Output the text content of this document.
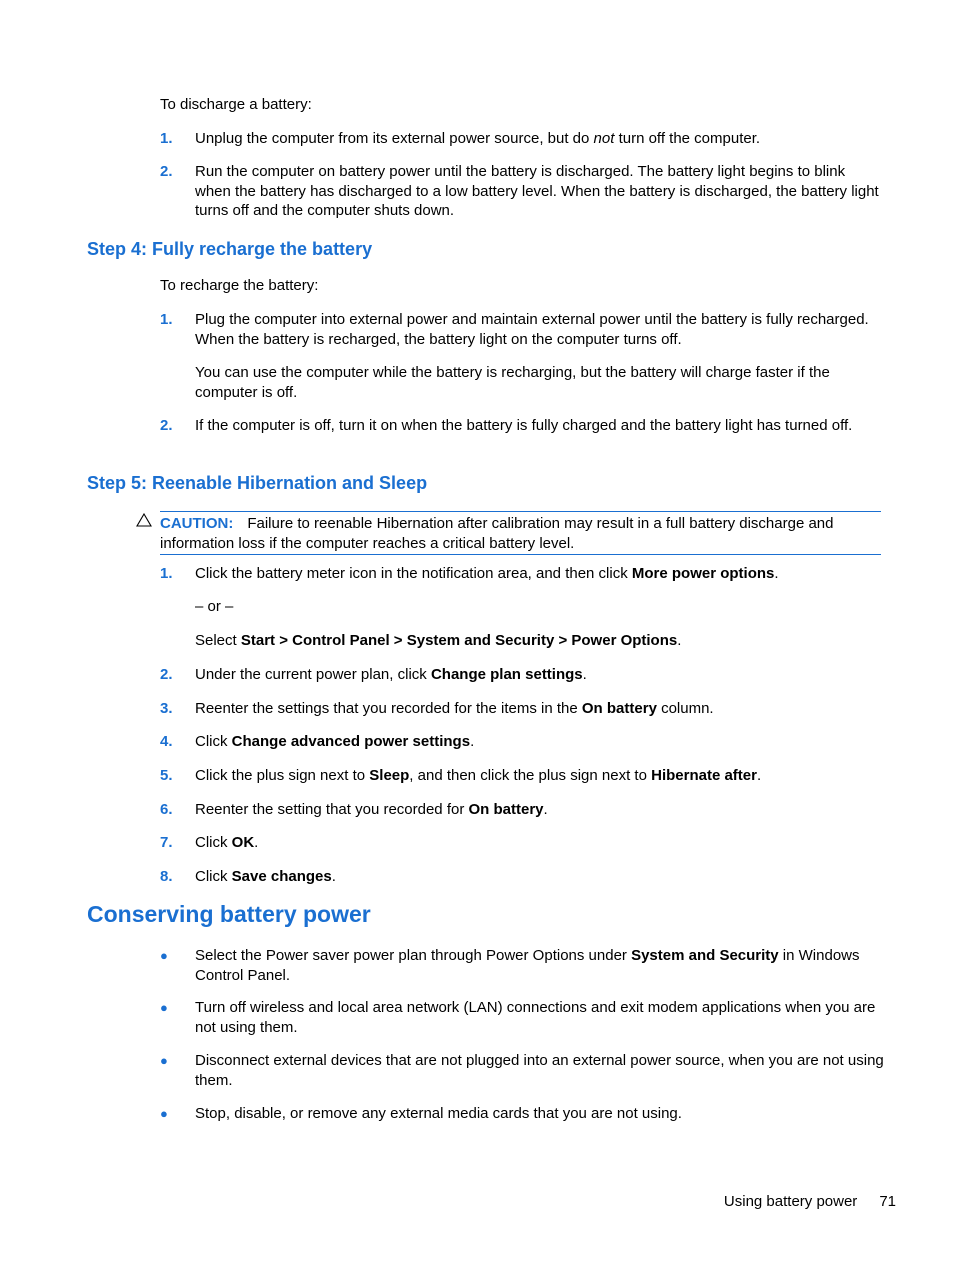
To discharge a battery:
1. Unplug the computer from its external power source, but do not turn off the computer.
2. Run the computer on battery power until the battery is discharged. The battery light begins to blink when the battery has discharged to a low battery level. When the battery is discharged, the battery light turns off and the computer shuts down.
Step 4: Fully recharge the battery
To recharge the battery:
1. Plug the computer into external power and maintain external power until the battery is fully recharged. When the battery is recharged, the battery light on the computer turns off.
You can use the computer while the battery is recharging, but the battery will charge faster if the computer is off.
2. If the computer is off, turn it on when the battery is fully charged and the battery light has turned off.
Step 5: Reenable Hibernation and Sleep
CAUTION: Failure to reenable Hibernation after calibration may result in a full battery discharge and information loss if the computer reaches a critical battery level.
1. Click the battery meter icon in the notification area, and then click More power options.
– or –
Select Start > Control Panel > System and Security > Power Options.
2. Under the current power plan, click Change plan settings.
3. Reenter the settings that you recorded for the items in the On battery column.
4. Click Change advanced power settings.
5. Click the plus sign next to Sleep, and then click the plus sign next to Hibernate after.
6. Reenter the setting that you recorded for On battery.
7. Click OK.
8. Click Save changes.
Conserving battery power
● Select the Power saver power plan through Power Options under System and Security in Windows Control Panel.
● Turn off wireless and local area network (LAN) connections and exit modem applications when you are not using them.
● Disconnect external devices that are not plugged into an external power source, when you are not using them.
● Stop, disable, or remove any external media cards that you are not using.
Using battery power 71
